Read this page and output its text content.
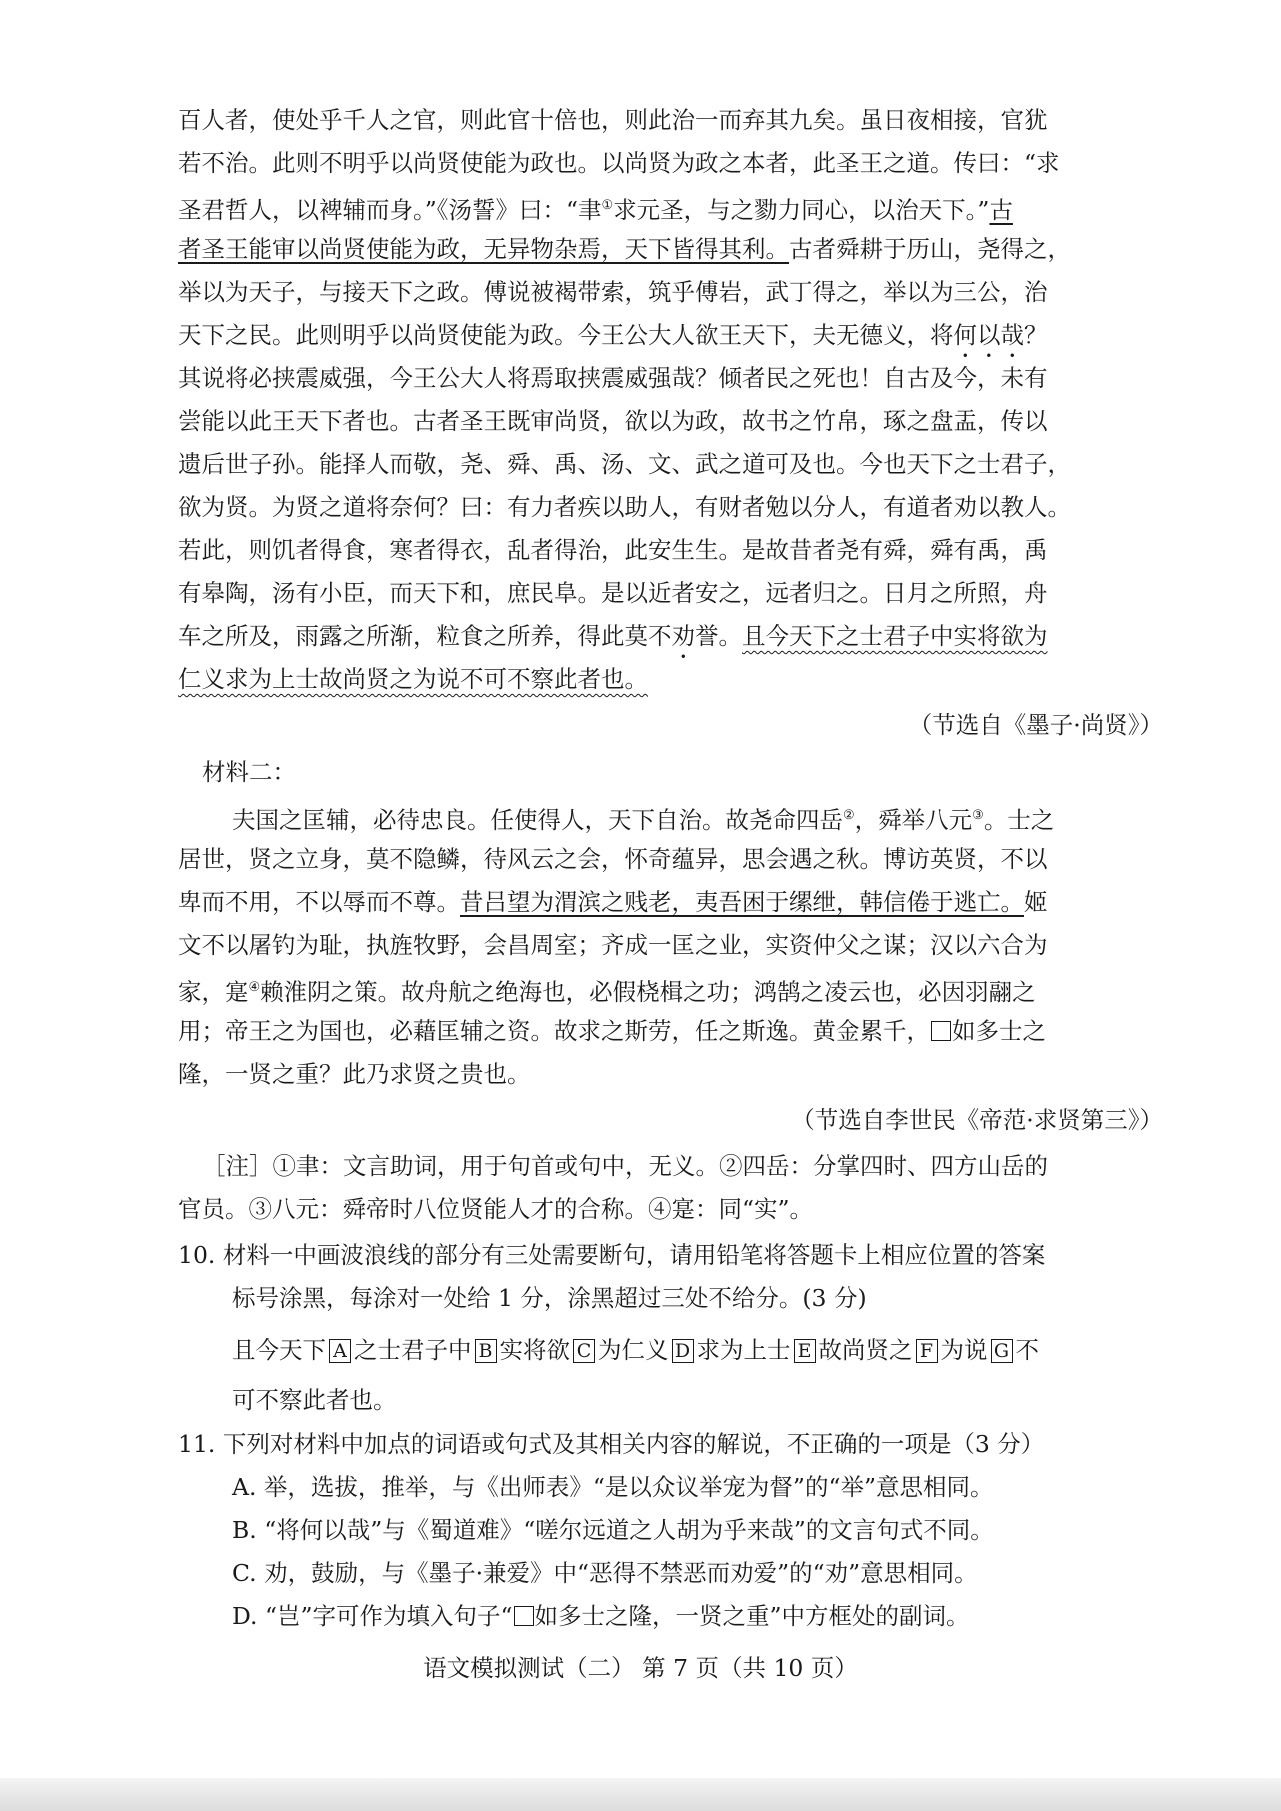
百人者，使处乎千人之官，则此官十倍也，则此治一而弃其九矣。虽日夜相接，官犹
若不治。此则不明乎以尚贤使能为政也。以尚贤为政之本者，此圣王之道。传曰：“求
圣君哲人，以裨辅而身。”《汤誓》曰：“聿①求元圣，与之勠力同心，以治天下。”古
者圣王能审以尚贤使能为政，无异物杂焉，天下皆得其利。古者舜耕于历山，尧得之，
举以为天子，与接天下之政。傅说被褐带索，筑乎傅岩，武丁得之，举以为三公，治
天下之民。此则明乎以尚贤使能为政。今王公大人欲王天下，夫无德义，将何以哉？
其说将必挟震威强，今王公大人将焉取挟震威强哉？倾者民之死也！自古及今，未有
尝能以此王天下者也。古者圣王既审尚贤，欲以为政，故书之竹帛，琢之盘盂，传以
遗后世子孙。能择人而敬，尧、舜、禹、汤、文、武之道可及也。今也天下之士君子，
欲为贤。为贤之道将奈何？曰：有力者疾以助人，有财者勉以分人，有道者劝以教人。
若此，则饥者得食，寒者得衣，乱者得治，此安生生。是故昔者尧有舜，舜有禹，禹
有皋陶，汤有小臣，而天下和，庶民阜。是以近者安之，远者归之。日月之所照，舟
车之所及，雨露之所渐，粒食之所养，得此莫不劝誉。且今天下之士君子中实将欲为
仁义求为上士故尚贤之为说不可不察此者也。
（节选自《墨子·尚贤》）
材料二：
夫国之匡辅，必待忠良。任使得人，天下自治。故尧命四岳②，舜举八元③。士之
居世，贤之立身，莫不隐鳞，待风云之会，怀奇蕴异，思会遇之秋。博访英贤，不以
卑而不用，不以辱而不尊。昔吕望为渭滨之贱老，夷吾困于缧绁，韩信倦于逃亡。姬
文不以屠钓为耻，执旌牧野，会昌周室；齐成一匡之业，实资仲父之谋；汉以六合为
家，寔④赖淮阴之策。故舟航之绝海也，必假桡楫之功；鸿鹄之凌云也，必因羽翮之
用；帝王之为国也，必藉匡辅之资。故求之斯劳，任之斯逸。黄金累千， 如多士之
隆，一贤之重？此乃求贤之贵也。
（节选自李世民《帝范·求贤第三》）
［注］①聿：文言助词，用于句首或句中，无义。②四岳：分掌四时、四方山岳的
官员。③八元：舜帝时八位贤能人才的合称。④寔：同“实”。
10. 材料一中画波浪线的部分有三处需要断句，请用铅笔将答题卡上相应位置的答案
标号涂黑，每涂对一处给 1 分，涂黑超过三处不给分。(3 分)
且今天下 A 之士君子中 B 实将欲 C 为仁义 D 求为上士 E 故尚贤之 F 为说 G 不
可不察此者也。
11. 下列对材料中加点的词语或句式及其相关内容的解说，不正确的一项是（3 分）
A. 举，选拔，推举，与《出师表》“是以众议举宠为督”的“举”意思相同。
B. “将何以哉”与《蜀道难》“嗟尔远道之人胡为乎来哉”的文言句式不同。
C. 劝，鼓励，与《墨子·兼爱》中“恶得不禁恶而劝爱”的“劝”意思相同。
D. “岂”字可作为填入句子“ 如多士之隆，一贤之重”中方框处的副词。
语文模拟测试（二） 第 7 页（共 10 页）
